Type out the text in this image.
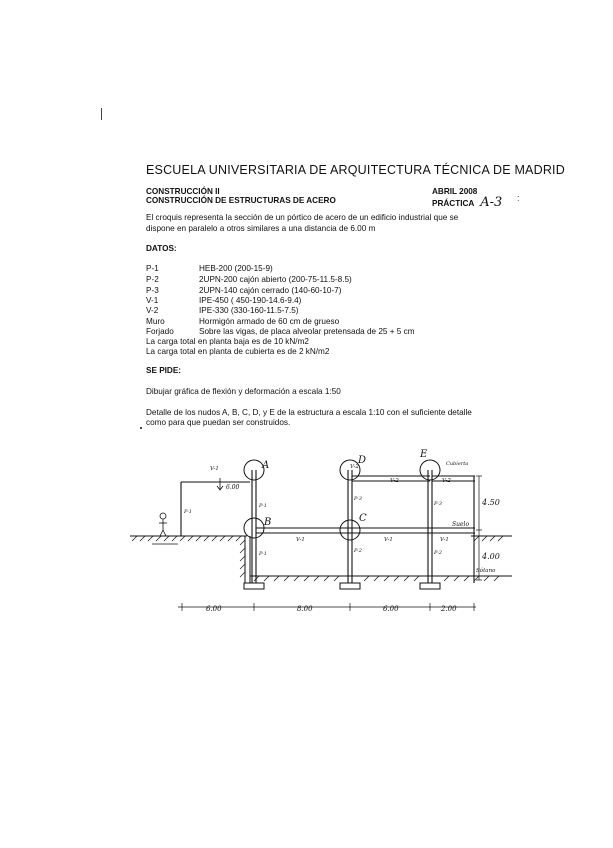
ESCUELA UNIVERSITARIA DE ARQUITECTURA TÉCNICA DE MADRID
CONSTRUCCIÓN II	ABRIL 2008
CONSTRUCCIÓN DE ESTRUCTURAS DE ACERO	PRÁCTICA A-3
El croquis representa la sección de un pórtico de acero de un edificio industrial que se
dispone en paralelo a otros similares a una distancia de 6.00 m
DATOS:
P-1	HEB-200 (200-15-9)
P-2	2UPN-200 cajón abierto (200-75-11.5-8.5)
P-3	2UPN-140 cajón cerrado (140-60-10-7)
V-1	IPE-450 ( 450-190-14.6-9.4)
V-2	IPE-330 (330-160-11.5-7.5)
Muro	Hormigón armado de 60 cm de grueso
Forjado	Sobre las vigas, de placa alveolar pretensada de 25 + 5 cm
La carga total en planta baja es de 10 kN/m2
La carga total en planta de cubierta es de 2 kN/m2
SE PIDE:
Dibujar gráfica de flexión y deformación a escala 1:50
Detalle de los nudos A, B, C, D, y E de la estructura a escala 1:10 con el suficiente detalle
como para que puedan ser construidos.
:
A
B	C
D
E
V-1
V-1	V-1	V-1
V-2	V-2
V-2
P-1
P-1
P-3
P-2
P-3
P-2
P-1
6.00
Cubierta
Suelo
Sótano
4.50
4.00
6.00	8.00	6.00	2.00
